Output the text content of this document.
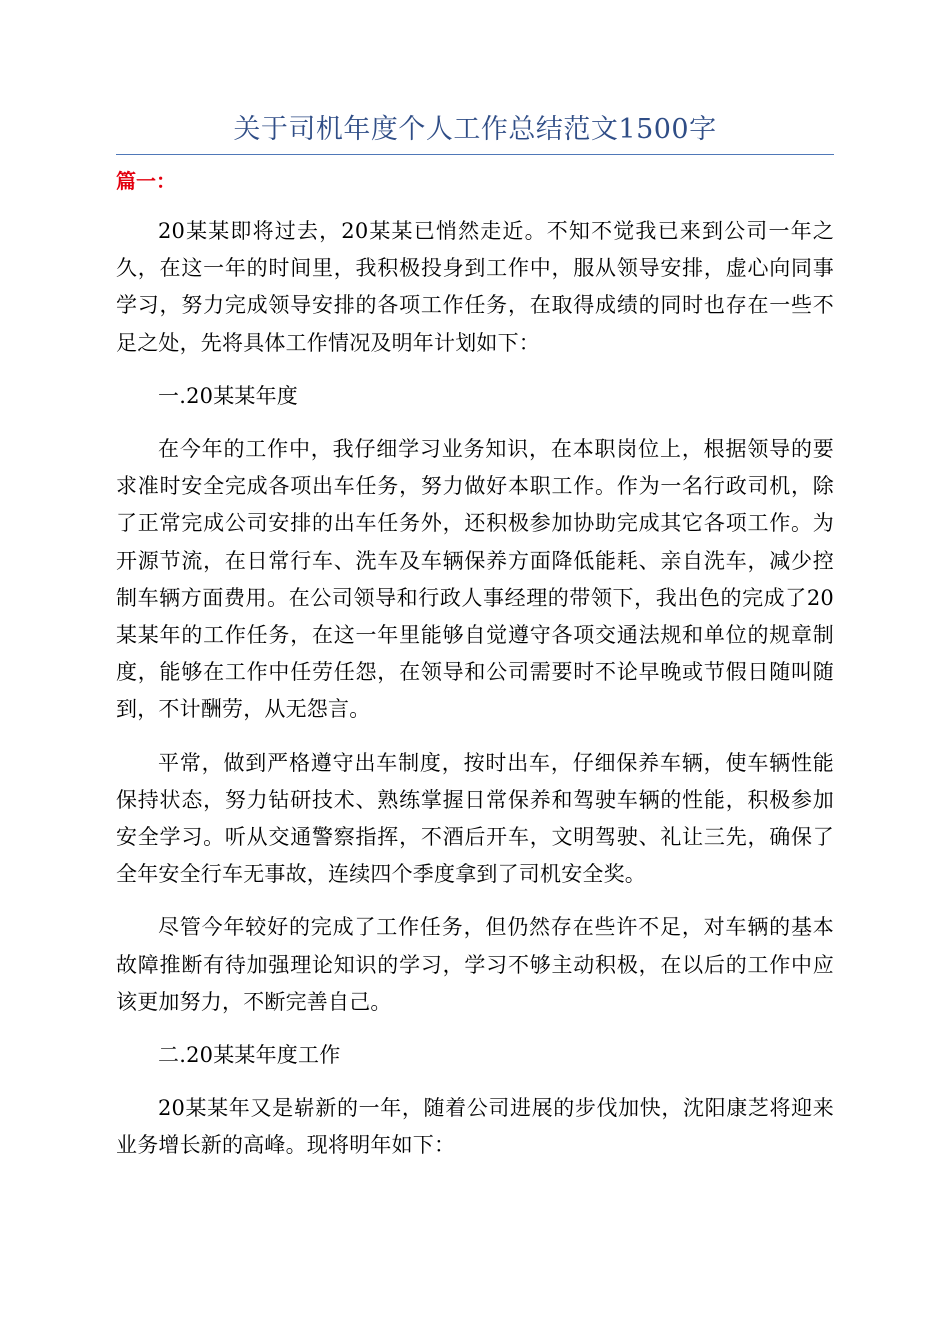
关于司机年度个人工作总结范文1500字
篇一：

20某某即将过去，20某某已悄然走近。不知不觉我已来到公司一年之久，在这一年的时间里，我积极投身到工作中，服从领导安排，虚心向同事学习，努力完成领导安排的各项工作任务，在取得成绩的同时也存在一些不足之处，先将具体工作情况及明年计划如下：

一.20某某年度

在今年的工作中，我仔细学习业务知识，在本职岗位上，根据领导的要求准时安全完成各项出车任务，努力做好本职工作。作为一名行政司机，除了正常完成公司安排的出车任务外，还积极参加协助完成其它各项工作。为开源节流，在日常行车、洗车及车辆保养方面降低能耗、亲自洗车，减少控制车辆方面费用。在公司领导和行政人事经理的带领下，我出色的完成了20某某年的工作任务，在这一年里能够自觉遵守各项交通法规和单位的规章制度，能够在工作中任劳任怨，在领导和公司需要时不论早晚或节假日随叫随到，不计酬劳，从无怨言。

平常，做到严格遵守出车制度，按时出车，仔细保养车辆，使车辆性能保持状态，努力钻研技术、熟练掌握日常保养和驾驶车辆的性能，积极参加安全学习。听从交通警察指挥，不酒后开车，文明驾驶、礼让三先，确保了全年安全行车无事故，连续四个季度拿到了司机安全奖。

尽管今年较好的完成了工作任务，但仍然存在些许不足，对车辆的基本故障推断有待加强理论知识的学习，学习不够主动积极，在以后的工作中应该更加努力，不断完善自己。

二.20某某年度工作

20某某年又是崭新的一年，随着公司进展的步伐加快，沈阳康芝将迎来业务增长新的高峰。现将明年如下：
